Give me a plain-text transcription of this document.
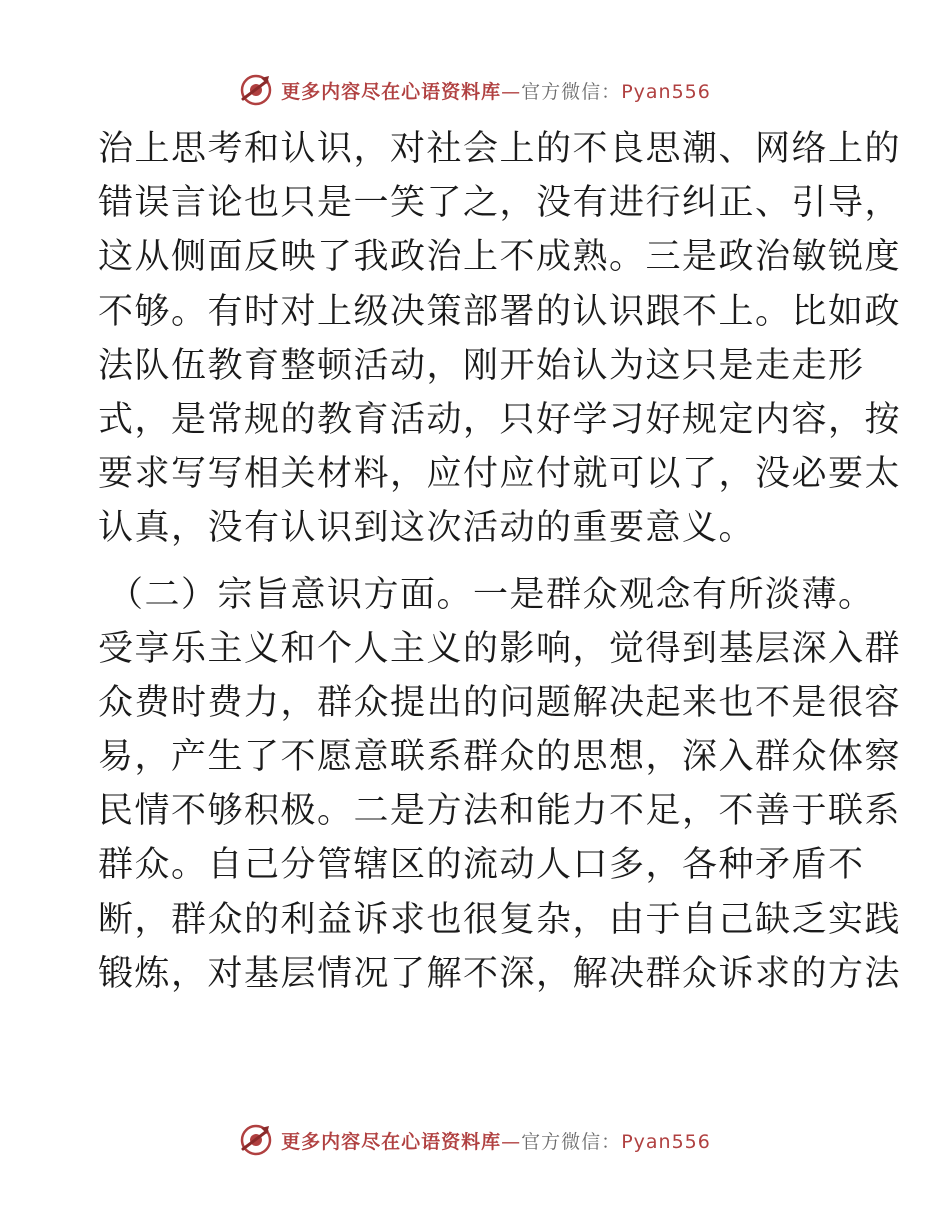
更多内容尽在心语资料库—官方微信：Pyan556
治上思考和认识，对社会上的不良思潮、网络上的
错误言论也只是一笑了之，没有进行纠正、引导，
这从侧面反映了我政治上不成熟。三是政治敏锐度
不够。有时对上级决策部署的认识跟不上。比如政
法队伍教育整顿活动，刚开始认为这只是走走形
式，是常规的教育活动，只好学习好规定内容，按
要求写写相关材料，应付应付就可以了，没必要太
认真，没有认识到这次活动的重要意义。
（二）宗旨意识方面。一是群众观念有所淡薄。
受享乐主义和个人主义的影响，觉得到基层深入群
众费时费力，群众提出的问题解决起来也不是很容
易，产生了不愿意联系群众的思想，深入群众体察
民情不够积极。二是方法和能力不足，不善于联系
群众。自己分管辖区的流动人口多，各种矛盾不
断，群众的利益诉求也很复杂，由于自己缺乏实践
锻炼，对基层情况了解不深，解决群众诉求的方法
更多内容尽在心语资料库—官方微信：Pyan556
